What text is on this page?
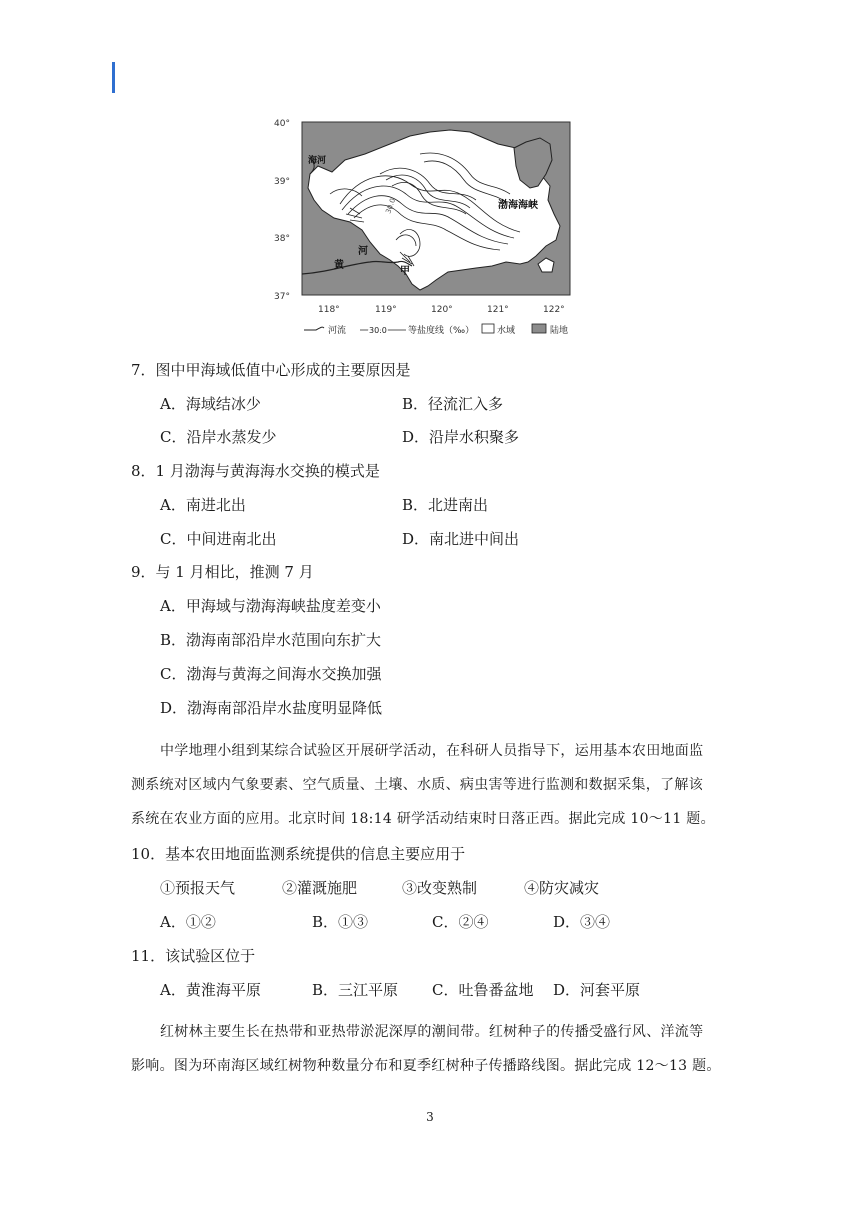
海河
渤海海峡
黄
河
甲
30.0
40°
39°
38°
37°
118°	119°	120°	121°	122°
河流	30.0 等盐度线（‰）	水域	陆地
7．图中甲海域低值中心形成的主要原因是
A．海域结冰少	B．径流汇入多
C．沿岸水蒸发少	D．沿岸水积聚多
8．1 月渤海与黄海海水交换的模式是
A．南进北出	B．北进南出
C．中间进南北出	D．南北进中间出
9．与 1 月相比，推测 7 月
A．甲海域与渤海海峡盐度差变小
B．渤海南部沿岸水范围向东扩大
C．渤海与黄海之间海水交换加强
D．渤海南部沿岸水盐度明显降低
中学地理小组到某综合试验区开展研学活动，在科研人员指导下，运用基本农田地面监
测系统对区域内气象要素、空气质量、土壤、水质、病虫害等进行监测和数据采集，了解该
系统在农业方面的应用。北京时间 18:14 研学活动结束时日落正西。据此完成 10～11 题。
10．基本农田地面监测系统提供的信息主要应用于
①预报天气	②灌溉施肥	③改变熟制	④防灾减灾
A．①②	B．①③	C．②④	D．③④
11．该试验区位于
A．黄淮海平原	B．三江平原 C．吐鲁番盆地 D．河套平原
红树林主要生长在热带和亚热带淤泥深厚的潮间带。红树种子的传播受盛行风、洋流等
影响。图为环南海区域红树物种数量分布和夏季红树种子传播路线图。据此完成 12～13 题。
3
